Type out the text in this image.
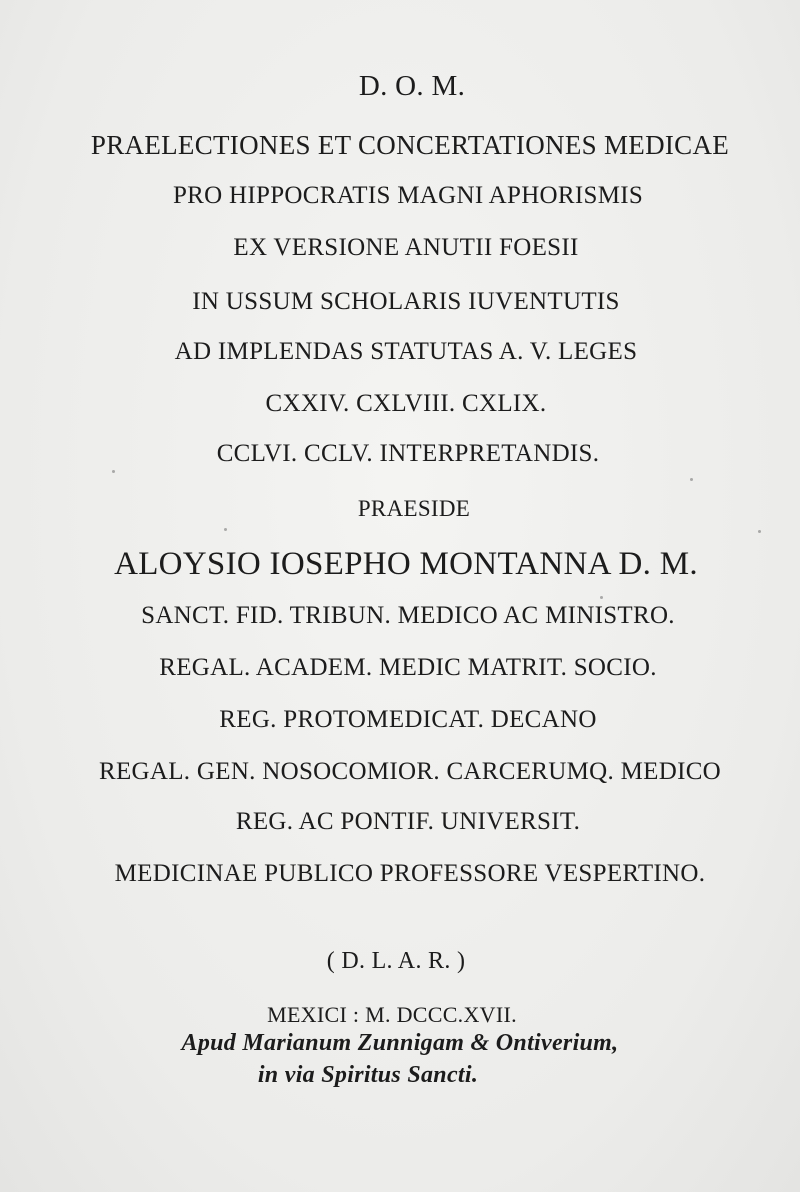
D. O. M.
PRAELECTIONES ET CONCERTATIONES MEDICAE
PRO HIPPOCRATIS MAGNI APHORISMIS
EX VERSIONE ANUTII FOESII
IN USSUM SCHOLARIS IUVENTUTIS
AD IMPLENDAS STATUTAS A. V. LEGES
CXXIV. CXLVIII. CXLIX.
CCLVI. CCLV. INTERPRETANDIS.
PRAESIDE
ALOYSIO IOSEPHO MONTANNA D. M.
SANCT. FID. TRIBUN. MEDICO AC MINISTRO.
REGAL. ACADEM. MEDIC MATRIT. SOCIO.
REG. PROTOMEDICAT. DECANO
REGAL. GEN. NOSOCOMIOR. CARCERUMQ. MEDICO
REG. AC PONTIF. UNIVERSIT.
MEDICINAE PUBLICO PROFESSORE VESPERTINO.
( D. L. A. R. )
MEXICI : M. DCCC.XVII.
Apud Marianum Zunnigam & Ontiverium,
in via Spiritus Sancti.
